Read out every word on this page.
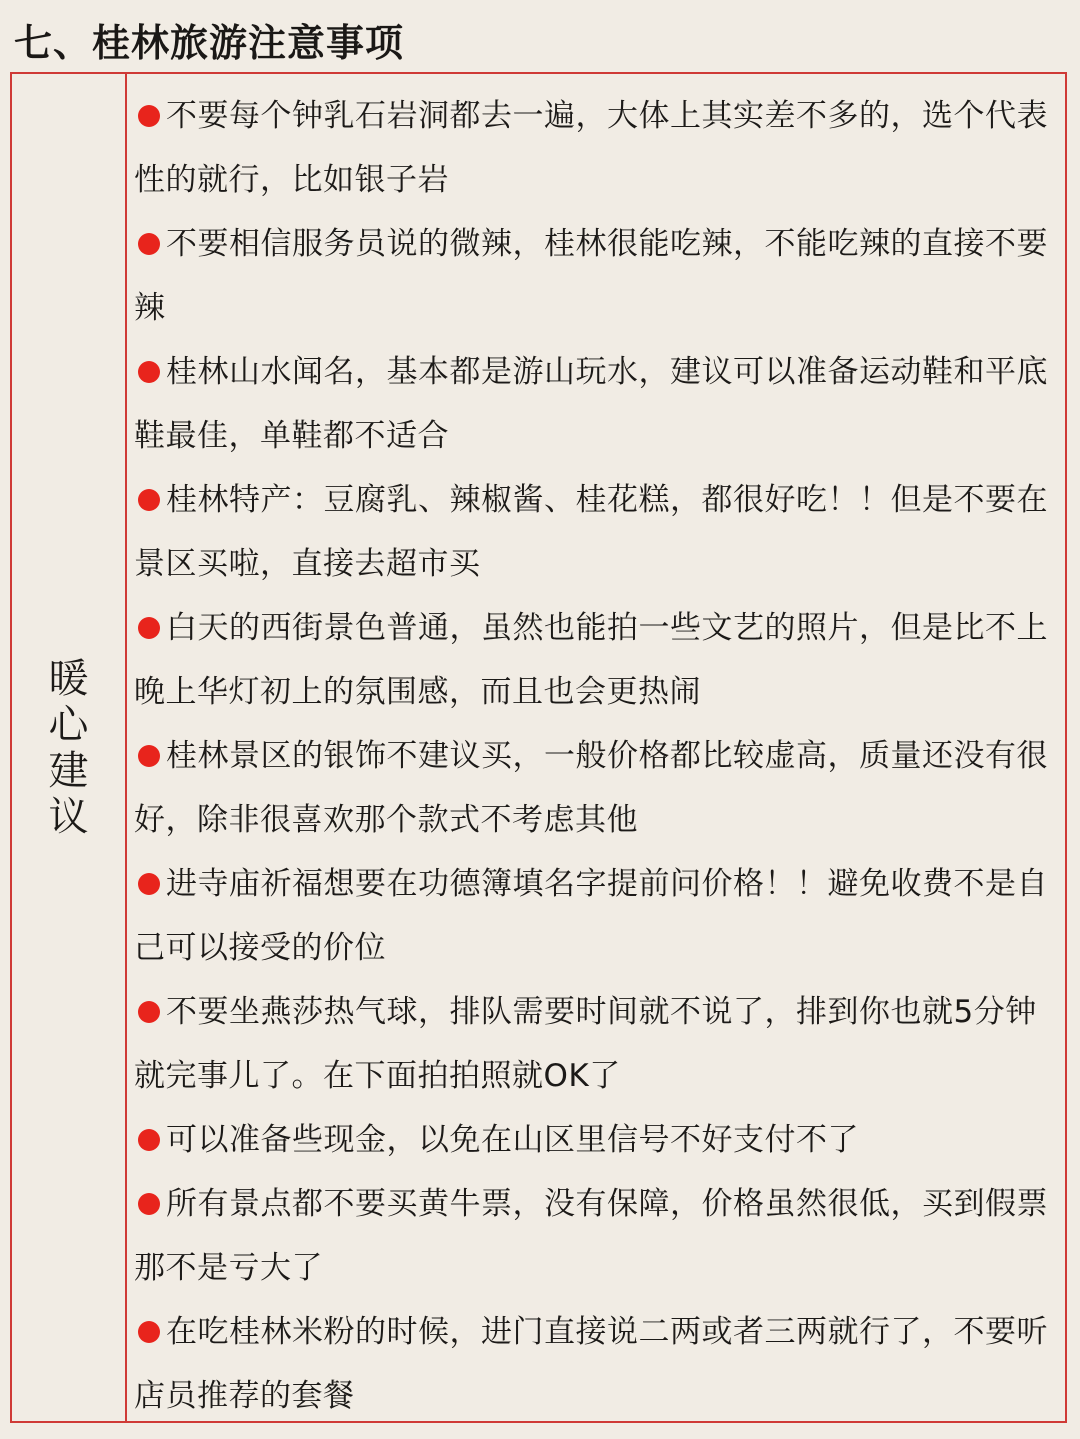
七、桂林旅游注意事项
暖心建议

不要每个钟乳石岩洞都去一遍，大体上其实差不多的，选个代表性的就行，比如银子岩

不要相信服务员说的微辣，桂林很能吃辣，不能吃辣的直接不要辣

桂林山水闻名，基本都是游山玩水，建议可以准备运动鞋和平底鞋最佳，单鞋都不适合

桂林特产：豆腐乳、辣椒酱、桂花糕，都很好吃！！但是不要在景区买啦，直接去超市买

白天的西街景色普通，虽然也能拍一些文艺的照片，但是比不上晚上华灯初上的氛围感，而且也会更热闹

桂林景区的银饰不建议买，一般价格都比较虚高，质量还没有很好，除非很喜欢那个款式不考虑其他

进寺庙祈福想要在功德簿填名字提前问价格！！避免收费不是自己可以接受的价位

不要坐燕莎热气球，排队需要时间就不说了，排到你也就5分钟就完事儿了。在下面拍拍照就OK了

可以准备些现金，以免在山区里信号不好支付不了

所有景点都不要买黄牛票，没有保障，价格虽然很低，买到假票那不是亏大了

在吃桂林米粉的时候，进门直接说二两或者三两就行了，不要听店员推荐的套餐
